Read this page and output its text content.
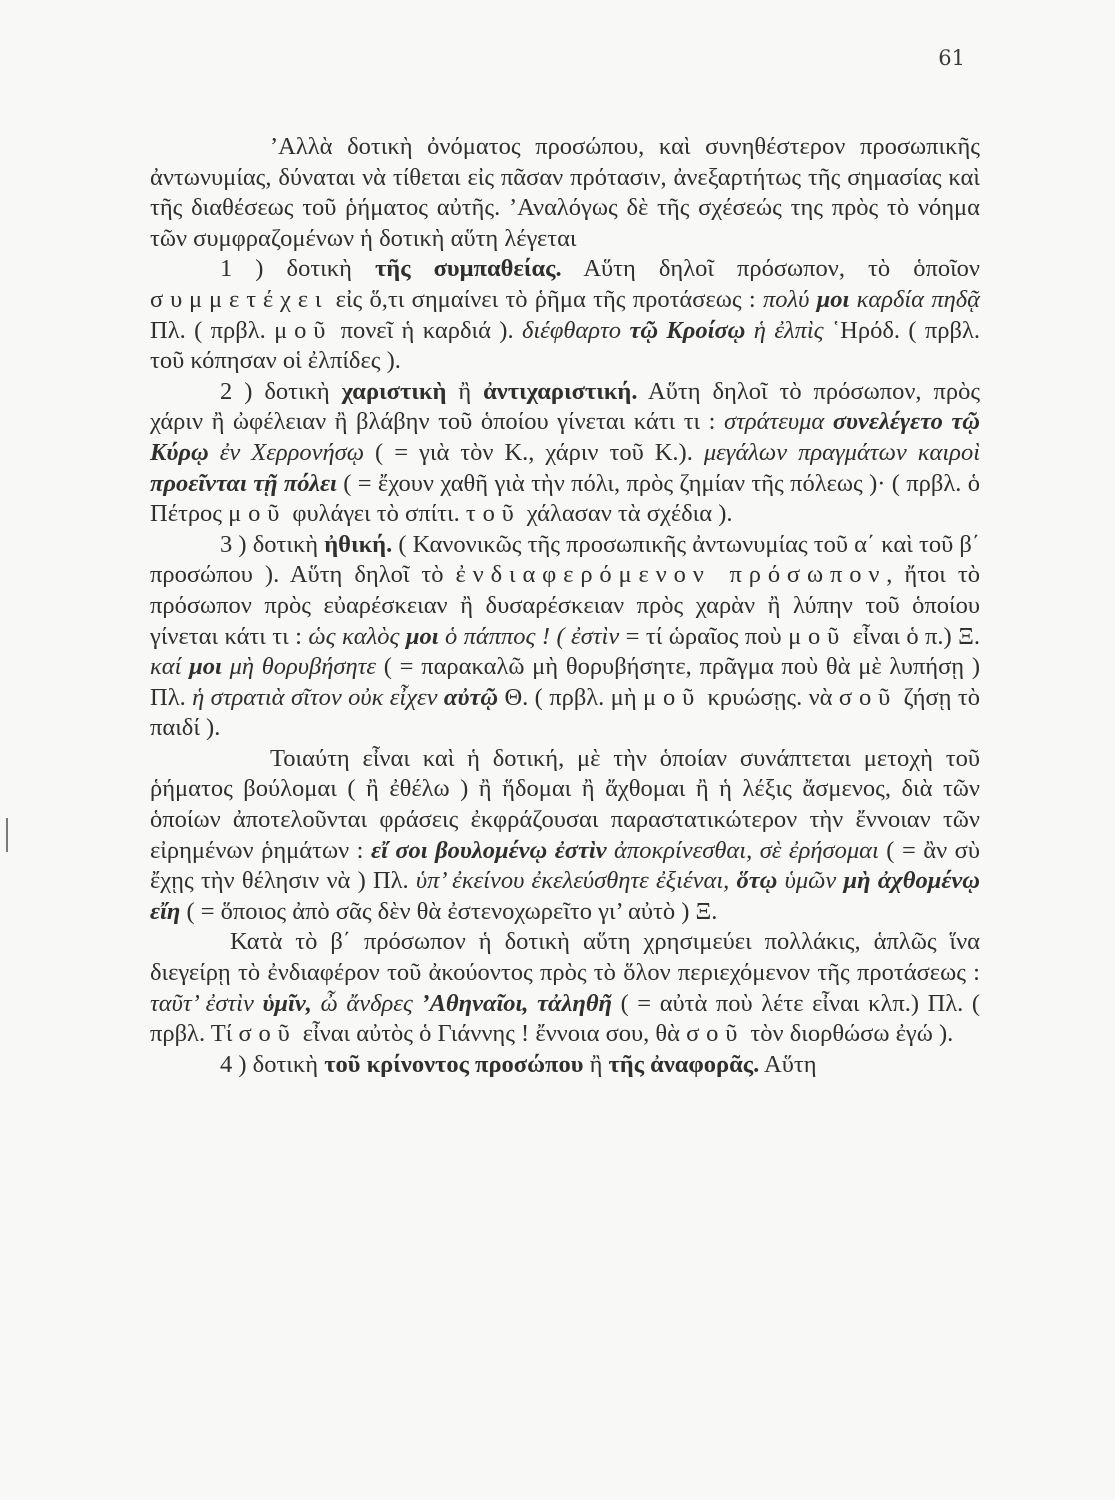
61

’Αλλὰ δοτικὴ ὀνόματος προσώπου, καὶ συνηθέστερον προσωπικῆς ἀντωνυμίας, δύναται νὰ τίθεται εἰς πᾶσαν πρότασιν, ἀνεξαρτήτως τῆς σημασίας καὶ τῆς διαθέσεως τοῦ ῥήματος αὐτῆς. ’Αναλόγως δὲ τῆς σχέσεώς της πρὸς τὸ νόημα τῶν συμφραζομένων ἡ δοτικὴ αὕτη λέγεται

1 ) δοτικὴ τῆς συμπαθείας. Αὕτη δηλοῖ πρόσωπον, τὸ ὁποῖον συμμετέχει εἰς ὅ,τι σημαίνει τὸ ῥῆμα τῆς προτάσεως : πολύ μοι καρδία πηδᾷ Πλ. ( πρβλ. μοῦ πονεῖ ἡ καρδιά ). διέφθαρτο τῷ Κροίσῳ ἡ ἐλπὶς ῾Ηρόδ. ( πρβλ. τοῦ κόπησαν οἱ ἐλπίδες ).

2 ) δοτικὴ χαριστικὴ ἢ ἀντιχαριστική. Αὕτη δηλοῖ τὸ πρόσωπον, πρὸς χάριν ἢ ὠφέλειαν ἢ βλάβην τοῦ ὁποίου γίνεται κάτι τι : στράτευμα συνελέγετο τῷ Κύρῳ ἐν Χερρονήσῳ ( = γιὰ τὸν Κ., χάριν τοῦ Κ.). μεγάλων πραγμάτων καιροὶ προεῖνται τῇ πόλει ( = ἔχουν χαθῆ γιὰ τὴν πόλι, πρὸς ζημίαν τῆς πόλεως )· ( πρβλ. ὁ Πέτρος μοῦ φυλάγει τὸ σπίτι. τοῦ χάλασαν τὰ σχέδια ).

3 ) δοτικὴ ἠθική. ( Κανονικῶς τῆς προσωπικῆς ἀντωνυμίας τοῦ α΄ καὶ τοῦ β΄ προσώπου ). Αὕτη δηλοῖ τὸ ἐνδιαφερόμενον πρόσωπον, ἤτοι τὸ πρόσωπον πρὸς εὐαρέσκειαν ἢ δυσαρέσκειαν πρὸς χαρὰν ἢ λύπην τοῦ ὁποίου γίνεται κάτι τι : ὡς καλὸς μοι ὁ πάππος ! ( ἐστὶν = τί ὡραῖος ποὺ μοῦ εἶναι ὁ π.) Ξ. καί μοι μὴ θορυβήσητε ( = παρακαλῶ μὴ θορυβήσητε, πρᾶγμα ποὺ θὰ μὲ λυπήσῃ ) Πλ. ἡ στρατιὰ σῖτον οὐκ εἶχεν αὐτῷ Θ. ( πρβλ. μὴ μοῦ κρυώσῃς. νὰ σοῦ ζήσῃ τὸ παιδί ).

Τοιαύτη εἶναι καὶ ἡ δοτική, μὲ τὴν ὁποίαν συνάπτεται μετοχὴ τοῦ ῥήματος βούλομαι ( ἢ ἐθέλω ) ἢ ἥδομαι ἢ ἄχθομαι ἢ ἡ λέξις ἄσμενος, διὰ τῶν ὁποίων ἀποτελοῦνται φράσεις ἐκφράζουσαι παραστατικώτερον τὴν ἔννοιαν τῶν εἰρημένων ῥημάτων : εἴ σοι βουλομένῳ ἐστὶν ἀποκρίνεσθαι, σὲ ἐρήσομαι ( = ἂν σὺ ἔχῃς τὴν θέλησιν νὰ ) Πλ. ὑπ’ ἐκείνου ἐκελεύσθητε ἐξιέναι, ὅτῳ ὑμῶν μὴ ἀχθομένῳ εἴη ( = ὅποιος ἀπὸ σᾶς δὲν θὰ ἐστενοχωρεῖτο γι’ αὐτὸ ) Ξ.

Κατὰ τὸ β΄ πρόσωπον ἡ δοτικὴ αὕτη χρησιμεύει πολλάκις, ἁπλῶς ἵνα διεγείρῃ τὸ ἐνδιαφέρον τοῦ ἀκούοντος πρὸς τὸ ὅλον περιεχόμενον τῆς προτάσεως : ταῦτ’ ἐστὶν ὑμῖν, ὦ ἄνδρες ’Αθηναῖοι, τἀληθῆ ( = αὐτὰ ποὺ λέτε εἶναι κλπ.) Πλ. ( πρβλ. Τί σοῦ εἶναι αὐτὸς ὁ Γιάννης ! ἔννοια σου, θὰ σοῦ τὸν διορθώσω ἐγώ ).

4 ) δοτικὴ τοῦ κρίνοντος προσώπου ἢ τῆς ἀναφορᾶς. Αὕτη
